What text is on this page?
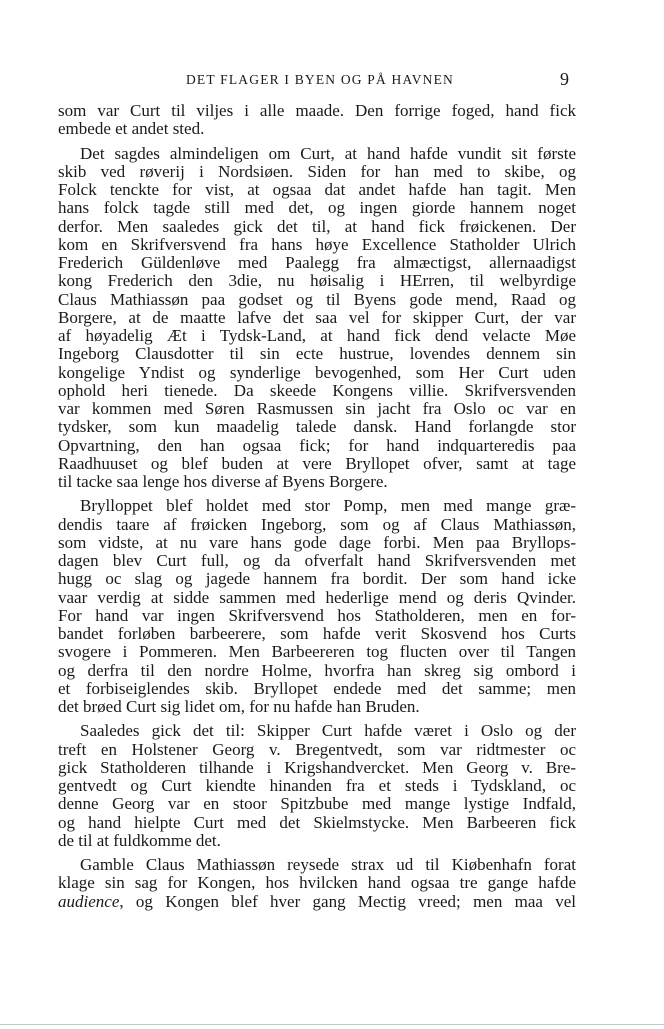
DET FLAGER I BYEN OG PÅ HAVNEN	9
som var Curt til viljes i alle maade. Den forrige foged, hand fick
embede et andet sted.
Det sagdes almindeligen om Curt, at hand hafde vundit sit første
skib ved røverij i Nordsiøen. Siden for han med to skibe, og
Folck tenckte for vist, at ogsaa dat andet hafde han tagit. Men
hans folck tagde still med det, og ingen giorde hannem noget
derfor. Men saaledes gick det til, at hand fick frøickenen. Der
kom en Skrifversvend fra hans høye Excellence Statholder Ulrich
Frederich Güldenløve med Paalegg fra almæctigst, allernaadigst
kong Frederich den 3die, nu høisalig i HErren, til welbyrdige
Claus Mathiassøn paa godset og til Byens gode mend, Raad og
Borgere, at de maatte lafve det saa vel for skipper Curt, der var
af høyadelig Æt i Tydsk-Land, at hand fick dend velacte Møe
Ingeborg Clausdotter til sin ecte hustrue, lovendes dennem sin
kongelige Yndist og synderlige bevogenhed, som Her Curt uden
ophold heri tienede. Da skeede Kongens villie. Skrifversvenden
var kommen med Søren Rasmussen sin jacht fra Oslo oc var en
tydsker, som kun maadelig talede dansk. Hand forlangde stor
Opvartning, den han ogsaa fick; for hand indquarteredis paa
Raadhuuset og blef buden at vere Bryllopet ofver, samt at tage
til tacke saa lenge hos diverse af Byens Borgere.
Brylloppet blef holdet med stor Pomp, men med mange græ-
dendis taare af frøicken Ingeborg, som og af Claus Mathiassøn,
som vidste, at nu vare hans gode dage forbi. Men paa Bryllops-
dagen blev Curt full, og da ofverfalt hand Skrifversvenden met
hugg oc slag og jagede hannem fra bordit. Der som hand icke
vaar verdig at sidde sammen med hederlige mend og deris Qvinder.
For hand var ingen Skrifversvend hos Statholderen, men en for-
bandet forløben barbeerere, som hafde verit Skosvend hos Curts
svogere i Pommeren. Men Barbeereren tog flucten over til Tangen
og derfra til den nordre Holme, hvorfra han skreg sig ombord i
et forbiseiglendes skib. Bryllopet endede med det samme; men
det brøed Curt sig lidet om, for nu hafde han Bruden.
Saaledes gick det til: Skipper Curt hafde været i Oslo og der
treft en Holstener Georg v. Bregentvedt, som var ridtmester oc
gick Statholderen tilhande i Krigshandvercket. Men Georg v. Bre-
gentvedt og Curt kiendte hinanden fra et steds i Tydskland, oc
denne Georg var en stoor Spitzbube med mange lystige Indfald,
og hand hielpte Curt med det Skielmstycke. Men Barbeeren fick
de til at fuldkomme det.
Gamble Claus Mathiassøn reysede strax ud til Kiøbenhafn forat
klage sin sag for Kongen, hos hvilcken hand ogsaa tre gange hafde
audience, og Kongen blef hver gang Mectig vreed; men maa vel
